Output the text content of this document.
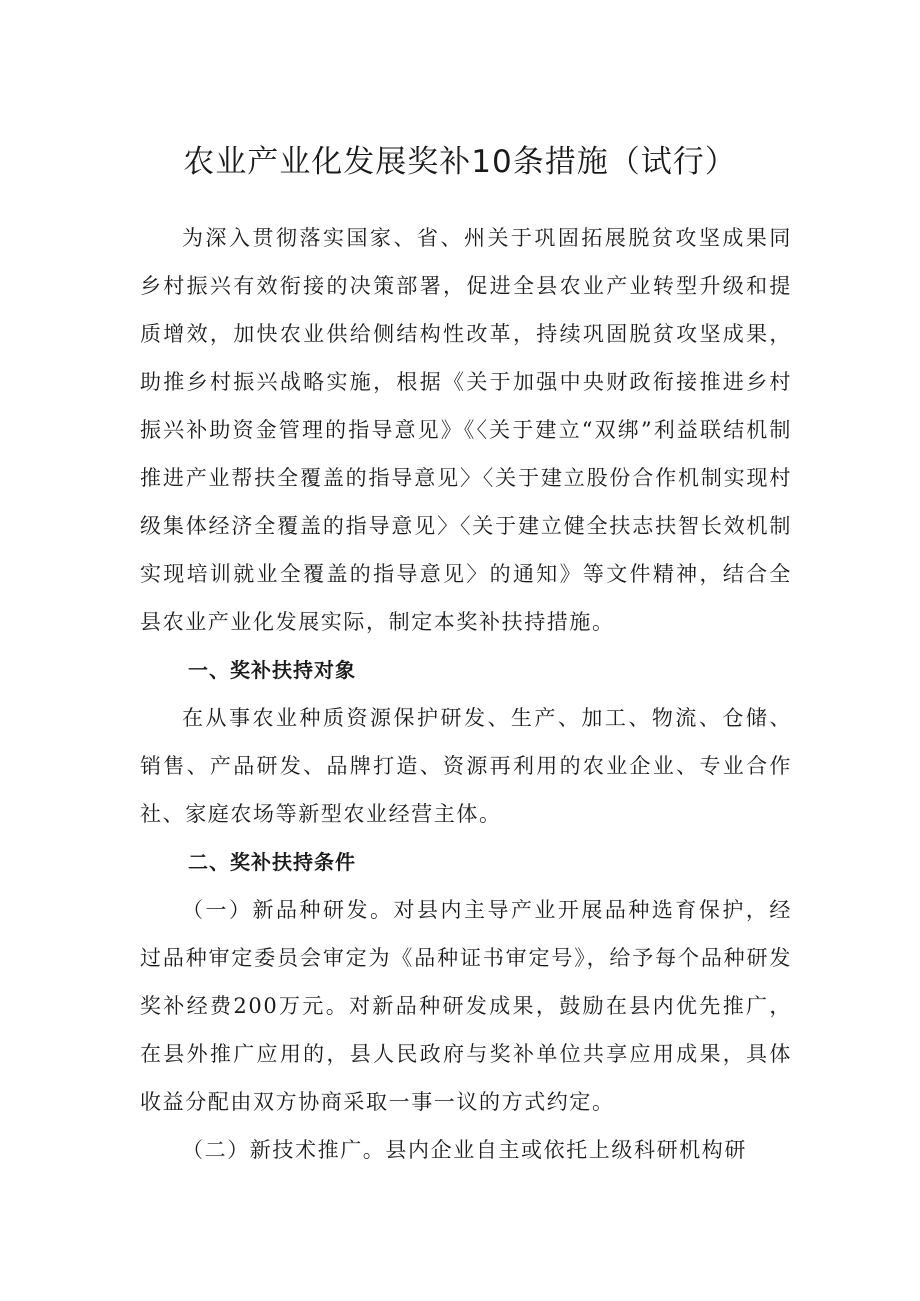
农业产业化发展奖补10条措施（试行）

为深入贯彻落实国家、省、州关于巩固拓展脱贫攻坚成果同乡村振兴有效衔接的决策部署，促进全县农业产业转型升级和提质增效，加快农业供给侧结构性改革，持续巩固脱贫攻坚成果，助推乡村振兴战略实施，根据《关于加强中央财政衔接推进乡村振兴补助资金管理的指导意见》《〈关于建立“双绑”利益联结机制推进产业帮扶全覆盖的指导意见〉〈关于建立股份合作机制实现村级集体经济全覆盖的指导意见〉〈关于建立健全扶志扶智长效机制实现培训就业全覆盖的指导意见〉的通知》等文件精神，结合全县农业产业化发展实际，制定本奖补扶持措施。

一、奖补扶持对象

在从事农业种质资源保护研发、生产、加工、物流、仓储、销售、产品研发、品牌打造、资源再利用的农业企业、专业合作社、家庭农场等新型农业经营主体。

二、奖补扶持条件

（一）新品种研发。对县内主导产业开展品种选育保护，经过品种审定委员会审定为《品种证书审定号》，给予每个品种研发奖补经费200万元。对新品种研发成果，鼓励在县内优先推广，在县外推广应用的，县人民政府与奖补单位共享应用成果，具体收益分配由双方协商采取一事一议的方式约定。

（二）新技术推广。县内企业自主或依托上级科研机构研
